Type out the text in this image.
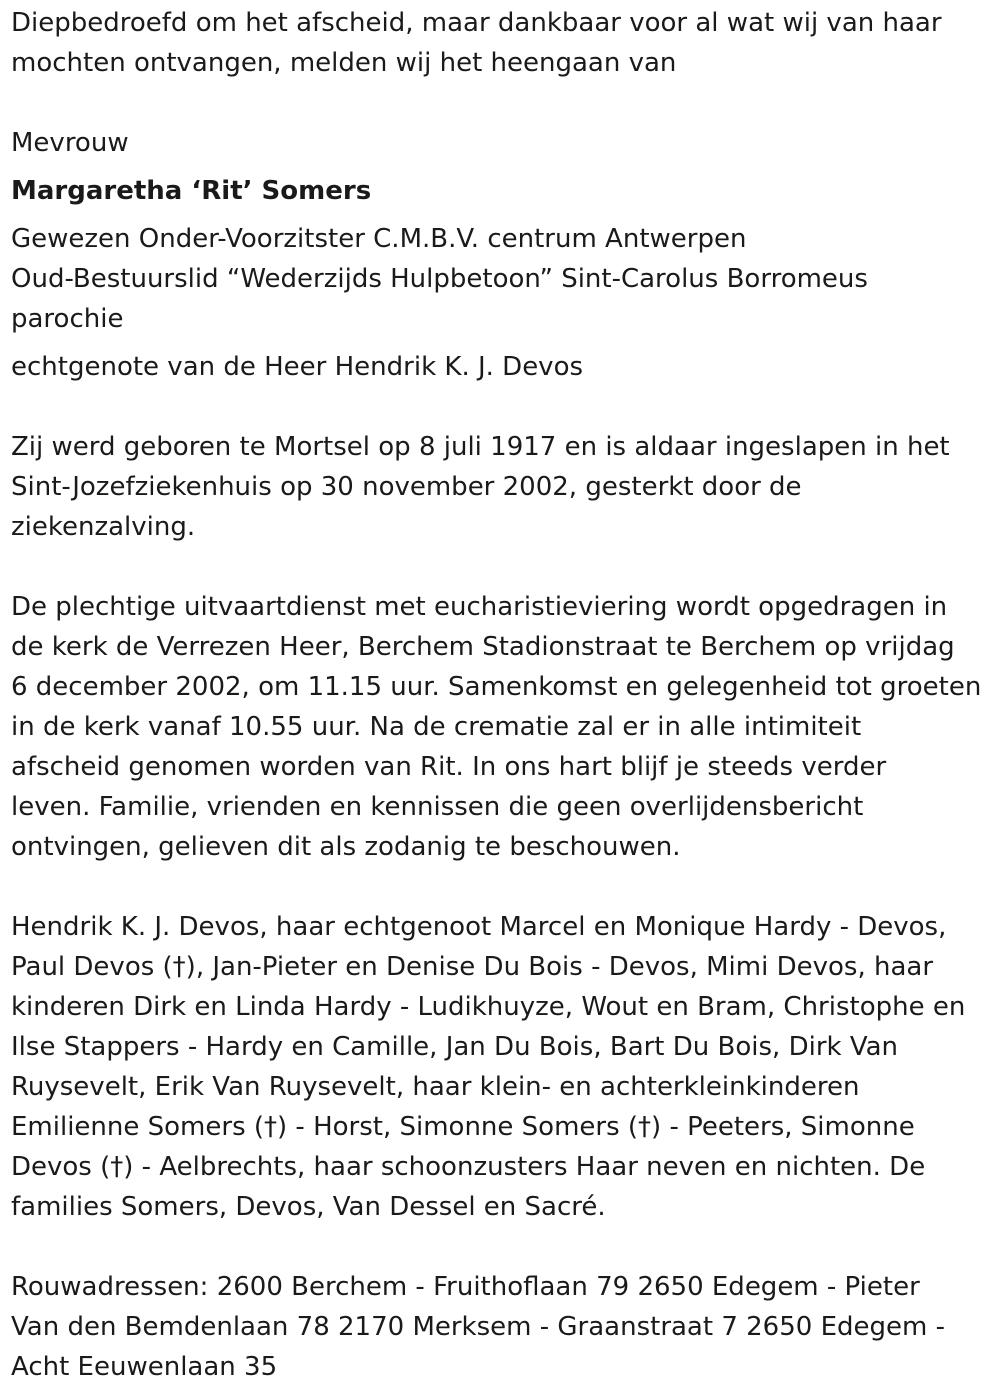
Diepbedroefd om het afscheid, maar dankbaar voor al wat wij van haar
mochten ontvangen, melden wij het heengaan van

Mevrouw

Margaretha ‘Rit’ Somers

Gewezen Onder-Voorzitster C.M.B.V. centrum Antwerpen
Oud-Bestuurslid “Wederzijds Hulpbetoon” Sint-Carolus Borromeus
parochie

echtgenote van de Heer Hendrik K. J. Devos

Zij werd geboren te Mortsel op 8 juli 1917 en is aldaar ingeslapen in het
Sint-Jozefziekenhuis op 30 november 2002, gesterkt door de
ziekenzalving.

De plechtige uitvaartdienst met eucharistieviering wordt opgedragen in
de kerk de Verrezen Heer, Berchem Stadionstraat te Berchem op vrijdag
6 december 2002, om 11.15 uur. Samenkomst en gelegenheid tot groeten
in de kerk vanaf 10.55 uur. Na de crematie zal er in alle intimiteit
afscheid genomen worden van Rit. In ons hart blijf je steeds verder
leven. Familie, vrienden en kennissen die geen overlijdensbericht
ontvingen, gelieven dit als zodanig te beschouwen.

Hendrik K. J. Devos, haar echtgenoot Marcel en Monique Hardy - Devos,
Paul Devos (†), Jan-Pieter en Denise Du Bois - Devos, Mimi Devos, haar
kinderen Dirk en Linda Hardy - Ludikhuyze, Wout en Bram, Christophe en
Ilse Stappers - Hardy en Camille, Jan Du Bois, Bart Du Bois, Dirk Van
Ruysevelt, Erik Van Ruysevelt, haar klein- en achterkleinkinderen
Emilienne Somers (†) - Horst, Simonne Somers (†) - Peeters, Simonne
Devos (†) - Aelbrechts, haar schoonzusters Haar neven en nichten. De
families Somers, Devos, Van Dessel en Sacré.

Rouwadressen: 2600 Berchem - Fruithoflaan 79 2650 Edegem - Pieter
Van den Bemdenlaan 78 2170 Merksem - Graanstraat 7 2650 Edegem -
Acht Eeuwenlaan 35
